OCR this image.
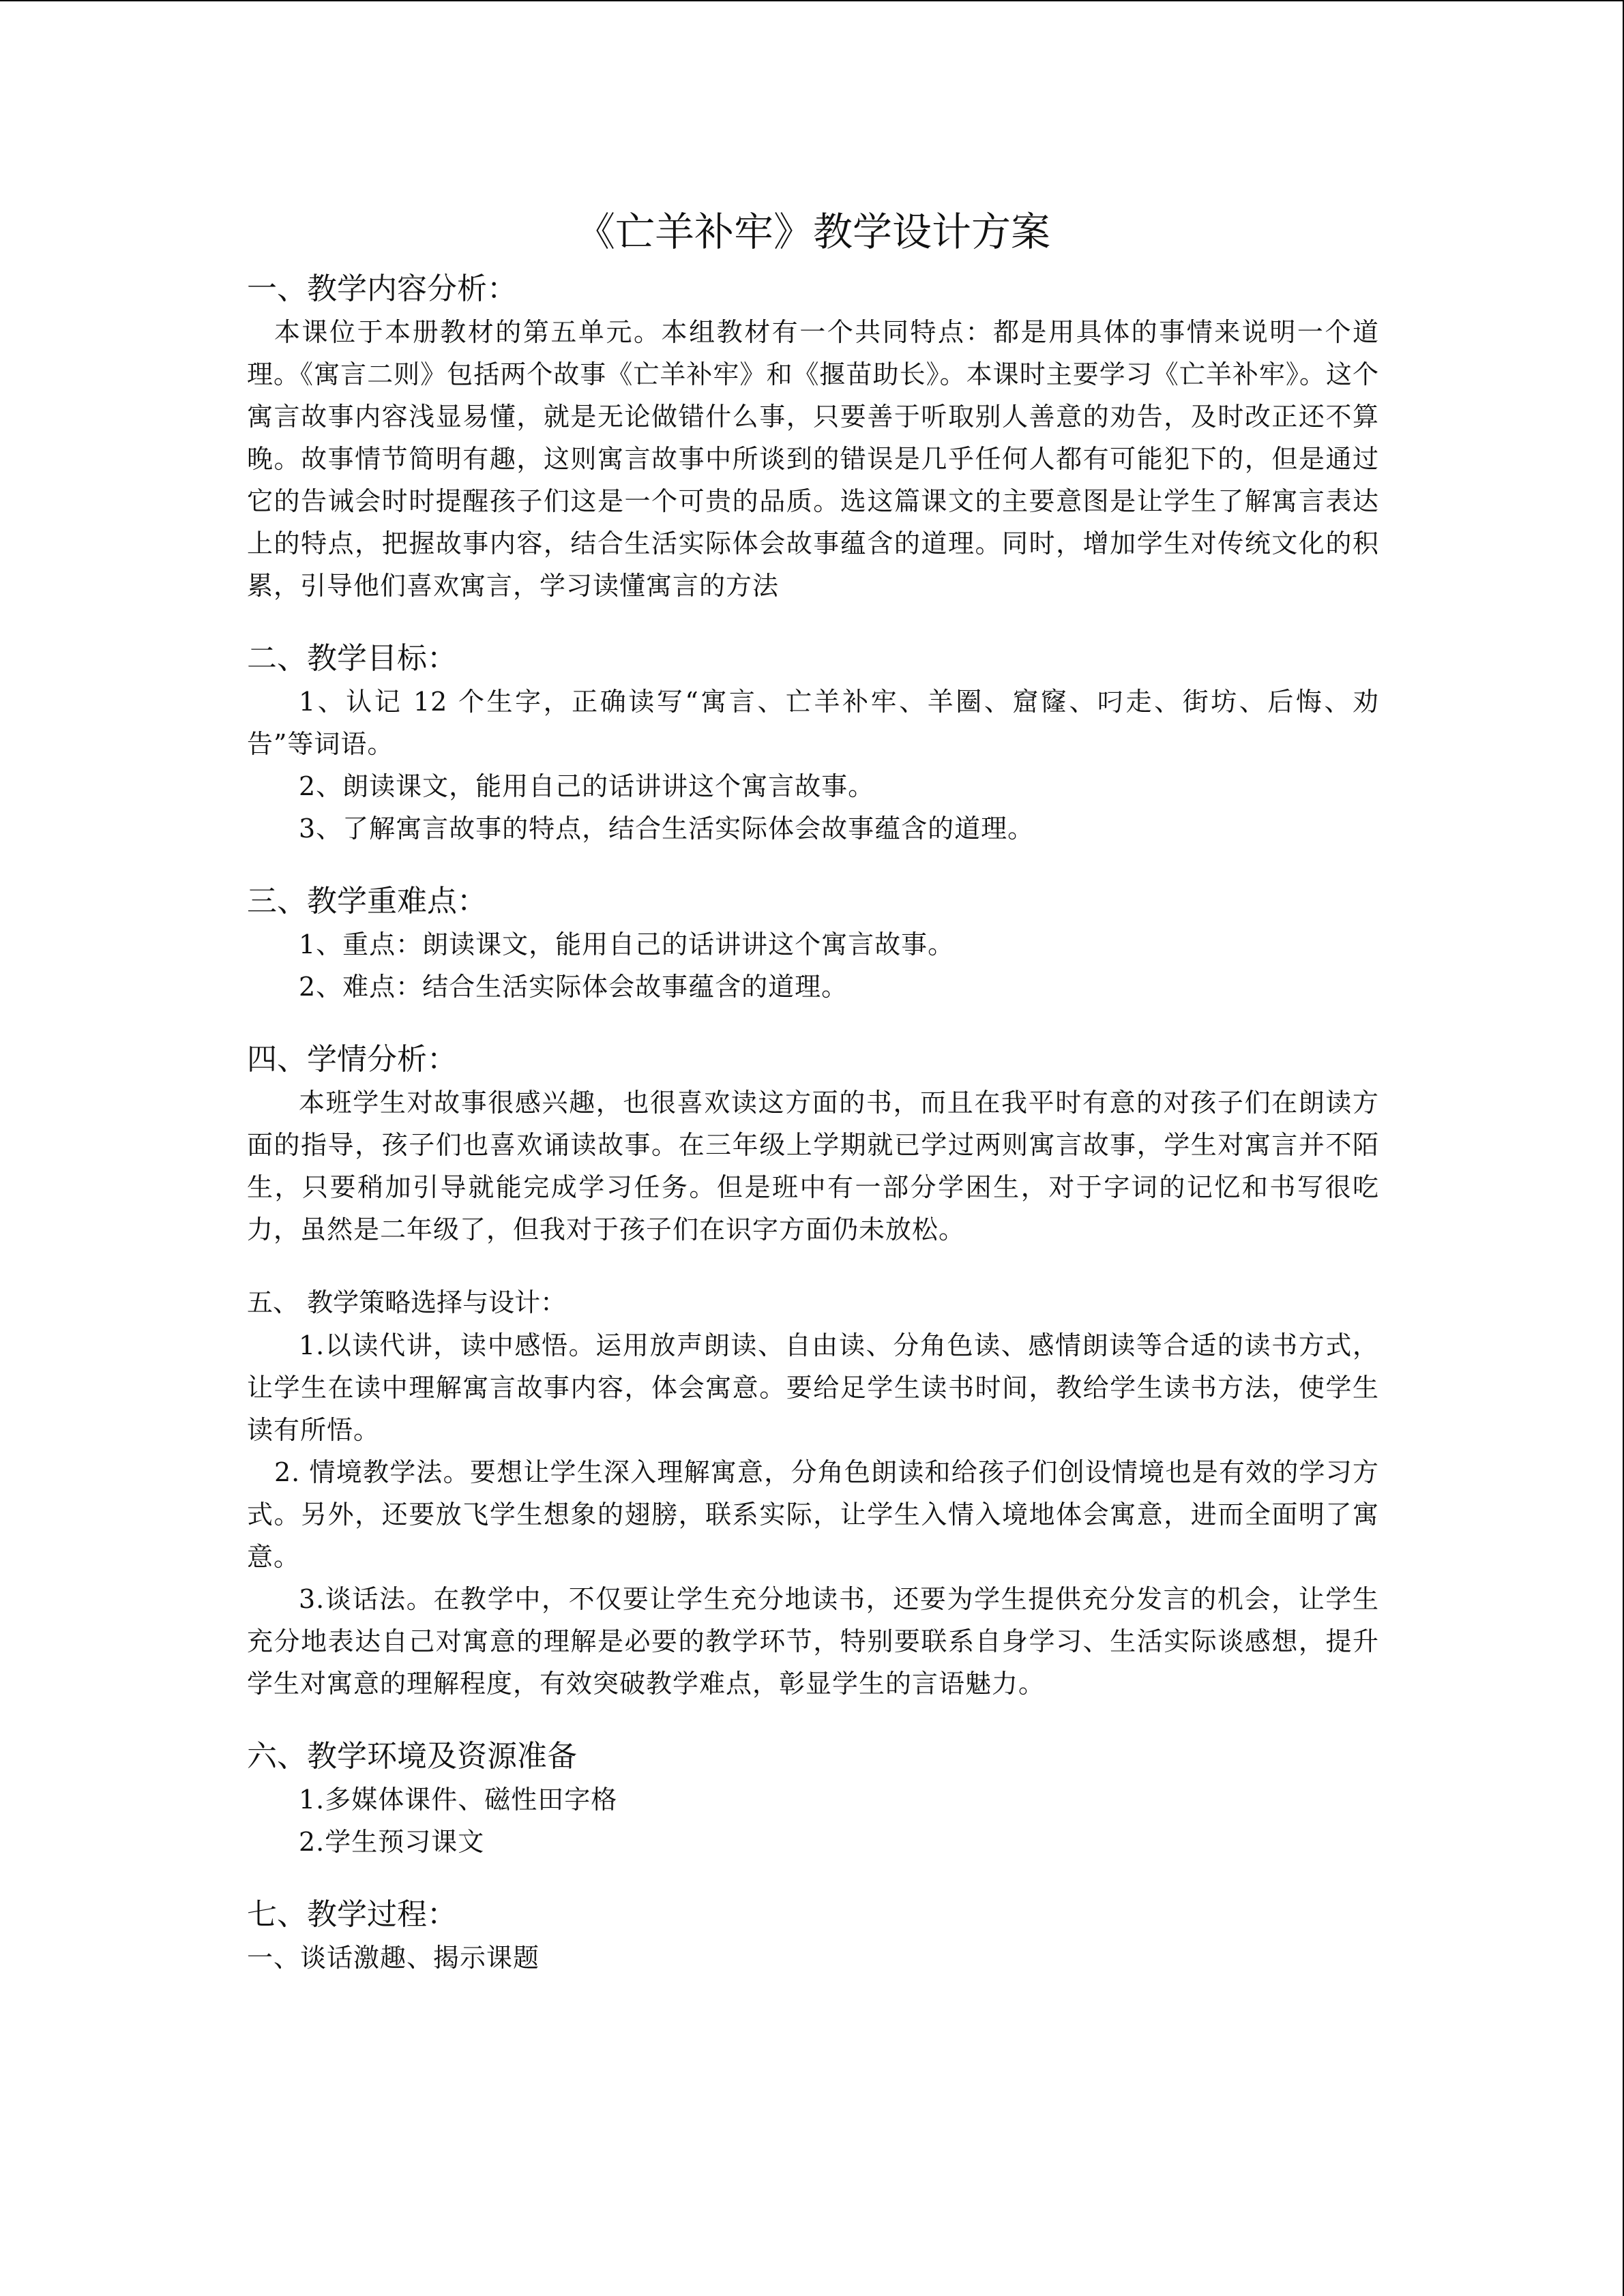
《亡羊补牢》教学设计方案
一、教学内容分析：

本课位于本册教材的第五单元。本组教材有一个共同特点：都是用具体的事情来说明一个道理。《寓言二则》包括两个故事《亡羊补牢》和《揠苗助长》。本课时主要学习《亡羊补牢》。这个寓言故事内容浅显易懂，就是无论做错什么事，只要善于听取别人善意的劝告，及时改正还不算晚。故事情节简明有趣，这则寓言故事中所谈到的错误是几乎任何人都有可能犯下的，但是通过它的告诫会时时提醒孩子们这是一个可贵的品质。选这篇课文的主要意图是让学生了解寓言表达上的特点，把握故事内容，结合生活实际体会故事蕴含的道理。同时，增加学生对传统文化的积累，引导他们喜欢寓言，学习读懂寓言的方法

二、教学目标：

1、认记 12 个生字，正确读写“寓言、亡羊补牢、羊圈、窟窿、叼走、街坊、后悔、劝告”等词语。

2、朗读课文，能用自己的话讲讲这个寓言故事。

3、了解寓言故事的特点，结合生活实际体会故事蕴含的道理。

三、教学重难点：

1、重点：朗读课文，能用自己的话讲讲这个寓言故事。

2、难点：结合生活实际体会故事蕴含的道理。

四、学情分析：

本班学生对故事很感兴趣，也很喜欢读这方面的书，而且在我平时有意的对孩子们在朗读方面的指导，孩子们也喜欢诵读故事。在三年级上学期就已学过两则寓言故事，学生对寓言并不陌生，只要稍加引导就能完成学习任务。但是班中有一部分学困生，对于字词的记忆和书写很吃力，虽然是二年级了，但我对于孩子们在识字方面仍未放松。

五、 教学策略选择与设计：

1.以读代讲，读中感悟。运用放声朗读、自由读、分角色读、感情朗读等合适的读书方式，让学生在读中理解寓言故事内容，体会寓意。要给足学生读书时间，教给学生读书方法，使学生读有所悟。

2. 情境教学法。要想让学生深入理解寓意，分角色朗读和给孩子们创设情境也是有效的学习方式。另外，还要放飞学生想象的翅膀，联系实际，让学生入情入境地体会寓意，进而全面明了寓意。

3.谈话法。在教学中，不仅要让学生充分地读书，还要为学生提供充分发言的机会，让学生充分地表达自己对寓意的理解是必要的教学环节，特别要联系自身学习、生活实际谈感想，提升学生对寓意的理解程度，有效突破教学难点，彰显学生的言语魅力。

六、教学环境及资源准备

1.多媒体课件、磁性田字格

2.学生预习课文

七、教学过程：

一、谈话激趣、揭示课题
